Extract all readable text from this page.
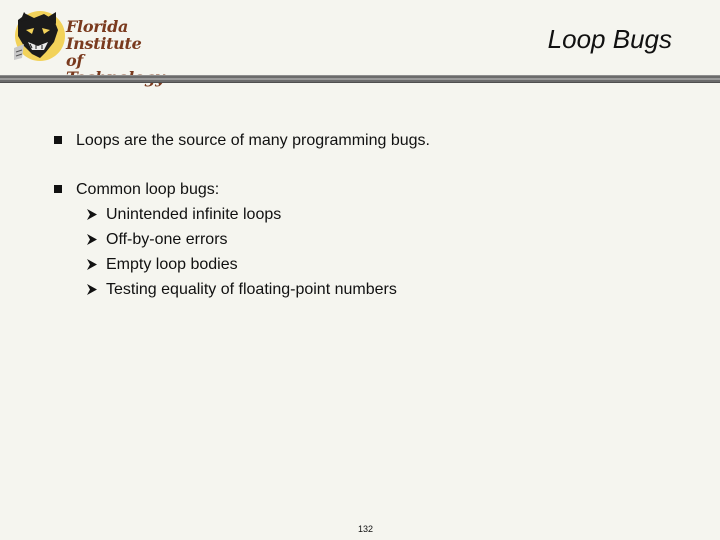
Florida Institute
of
Loop Bugs
Loops are the source of many programming bugs.
Common loop bugs:
Unintended infinite loops
Off-by-one errors
Empty loop bodies
Testing equality of floating-point numbers
132
